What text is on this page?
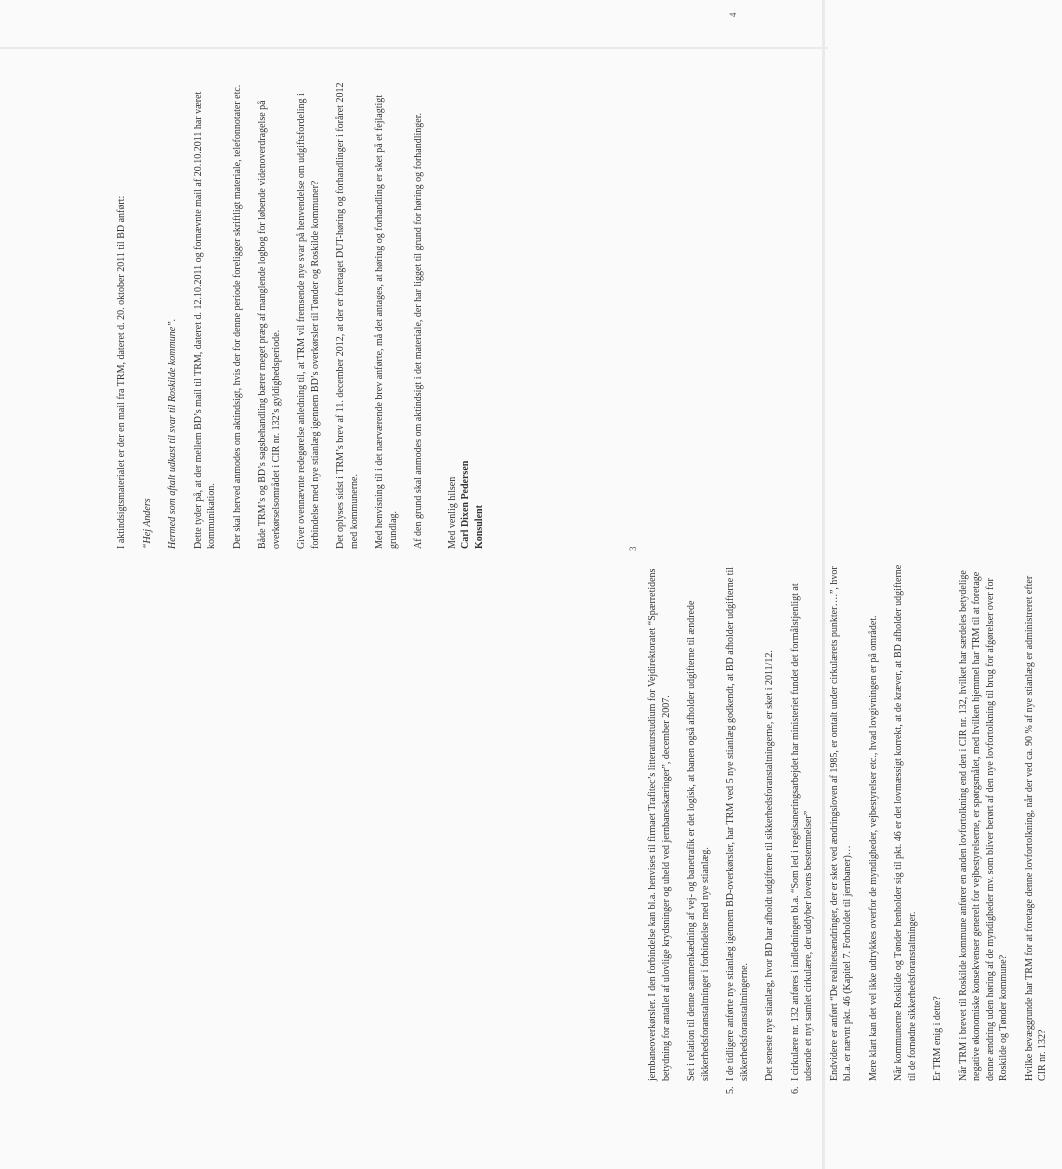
jernbaneoverkørsler. I den forbindelse kan bl.a. henvises til firmaet Trafitec’s litteraturstudium for Vejdirektoratet “Spærretidens betydning for antallet af ulovlige krydsninger og uheld ved jernbaneskæringer”, december 2007. Set i relation til denne sammenkædning af vej- og banetrafik er det logisk, at banen også afholder udgifterne til ændrede sikkerhedsforanstaltninger i forbindelse med nye stianlæg.

5.
I de tidligere anførte nye stianlæg igennem BD-overkørsler, har TRM ved 5 nye stianlæg godkendt, at BD afholder udgifterne til sikkerhedsforanstaltningerne. Det seneste nye stianlæg, hvor BD har afholdt udgifterne til sikkerhedsforanstaltningerne, er sket i 2011/12.

6.
I cirkulære nr. 132 anføres i indledningen bl.a. “Som led i regelsaneringsarbejdet har ministeriet fundet det formålstjenligt at udsende et nyt samlet cirkulære, der uddyber lovens bestemmelser” Endvidere er anført “De realitetsændringer, der er sket ved ændringsloven af 1985, er omtalt under cirkulærets punkter….”, hvor bl.a. er nævnt pkt. 46 (Kapitel 7. Forholdet til jernbaner)… Mere klart kan det vel ikke udtrykkes overfor de myndigheder, vejbestyrelser etc., hvad lovgivningen er på området. Når kommunerne Roskilde og Tønder henholder sig til pkt. 46 er det lovmæssigt korrekt, at de kræver, at BD afholder udgifterne til de fornødne sikkerhedsforanstaltninger. Er TRM enig i dette? Når TRM i brevet til Roskilde kommune anfører en anden lovfortolkning end den i CIR nr. 132, hvilket har særdeles betydelige negative økonomiske konsekvenser generelt for vejbestyrelserne, er spørgsmålet, med hvilken hjemmel har TRM til at foretage denne ændring uden høring af de myndigheder mv. som bliver berørt af den nye lovfortolkning til brug for afgørelser over for Roskilde og Tønder kommune? Hvilke bevæggrunde har TRM for at foretage denne lovfortolkning, når der ved ca. 90 % af nye stianlæg er administreret efter CIR nr. 132?

3

I aktindsigtsmaterialet er der en mail fra TRM, dateret d. 20. oktober 2011 til BD anført: “Hej Anders Hermed som aftalt udkast til svar til Roskilde kommune”. Dette tyder på, at der mellem BD’s mail til TRM, dateret d. 12.10.2011 og fornævnte mail af 20.10.2011 har været kommunikation. Der skal herved anmodes om aktindsigt, hvis der for denne periode foreligger skriftligt materiale, telefonnotater etc. Både TRM’s og BD’s sagsbehandling bærer meget præg af manglende logbog for løbende videnoverdragelse på overkørselsområdet i CIR nr. 132’s gyldighedsperiode. Giver ovennævnte redegørelse anledning til, at TRM vil fremsende nye svar på henvendelse om udgiftsfordeling i forbindelse med nye stianlæg igennem BD’s overkørsler til Tønder og Roskilde kommuner? Det oplyses sidst i TRM’s brev af 11. december 2012, at der er foretaget DUT-høring og forhandlinger i foråret 2012 med kommunerne. Med henvisning til i det nærværende brev anførte, må det antages, at høring og forhandling er sket på et fejlagtigt grundlag. Af den grund skal anmodes om aktindsigt i det materiale, der har ligget til grund for høring og forhandlinger. Med venlig hilsen Carl Dixen Pedersen Konsulent

4
